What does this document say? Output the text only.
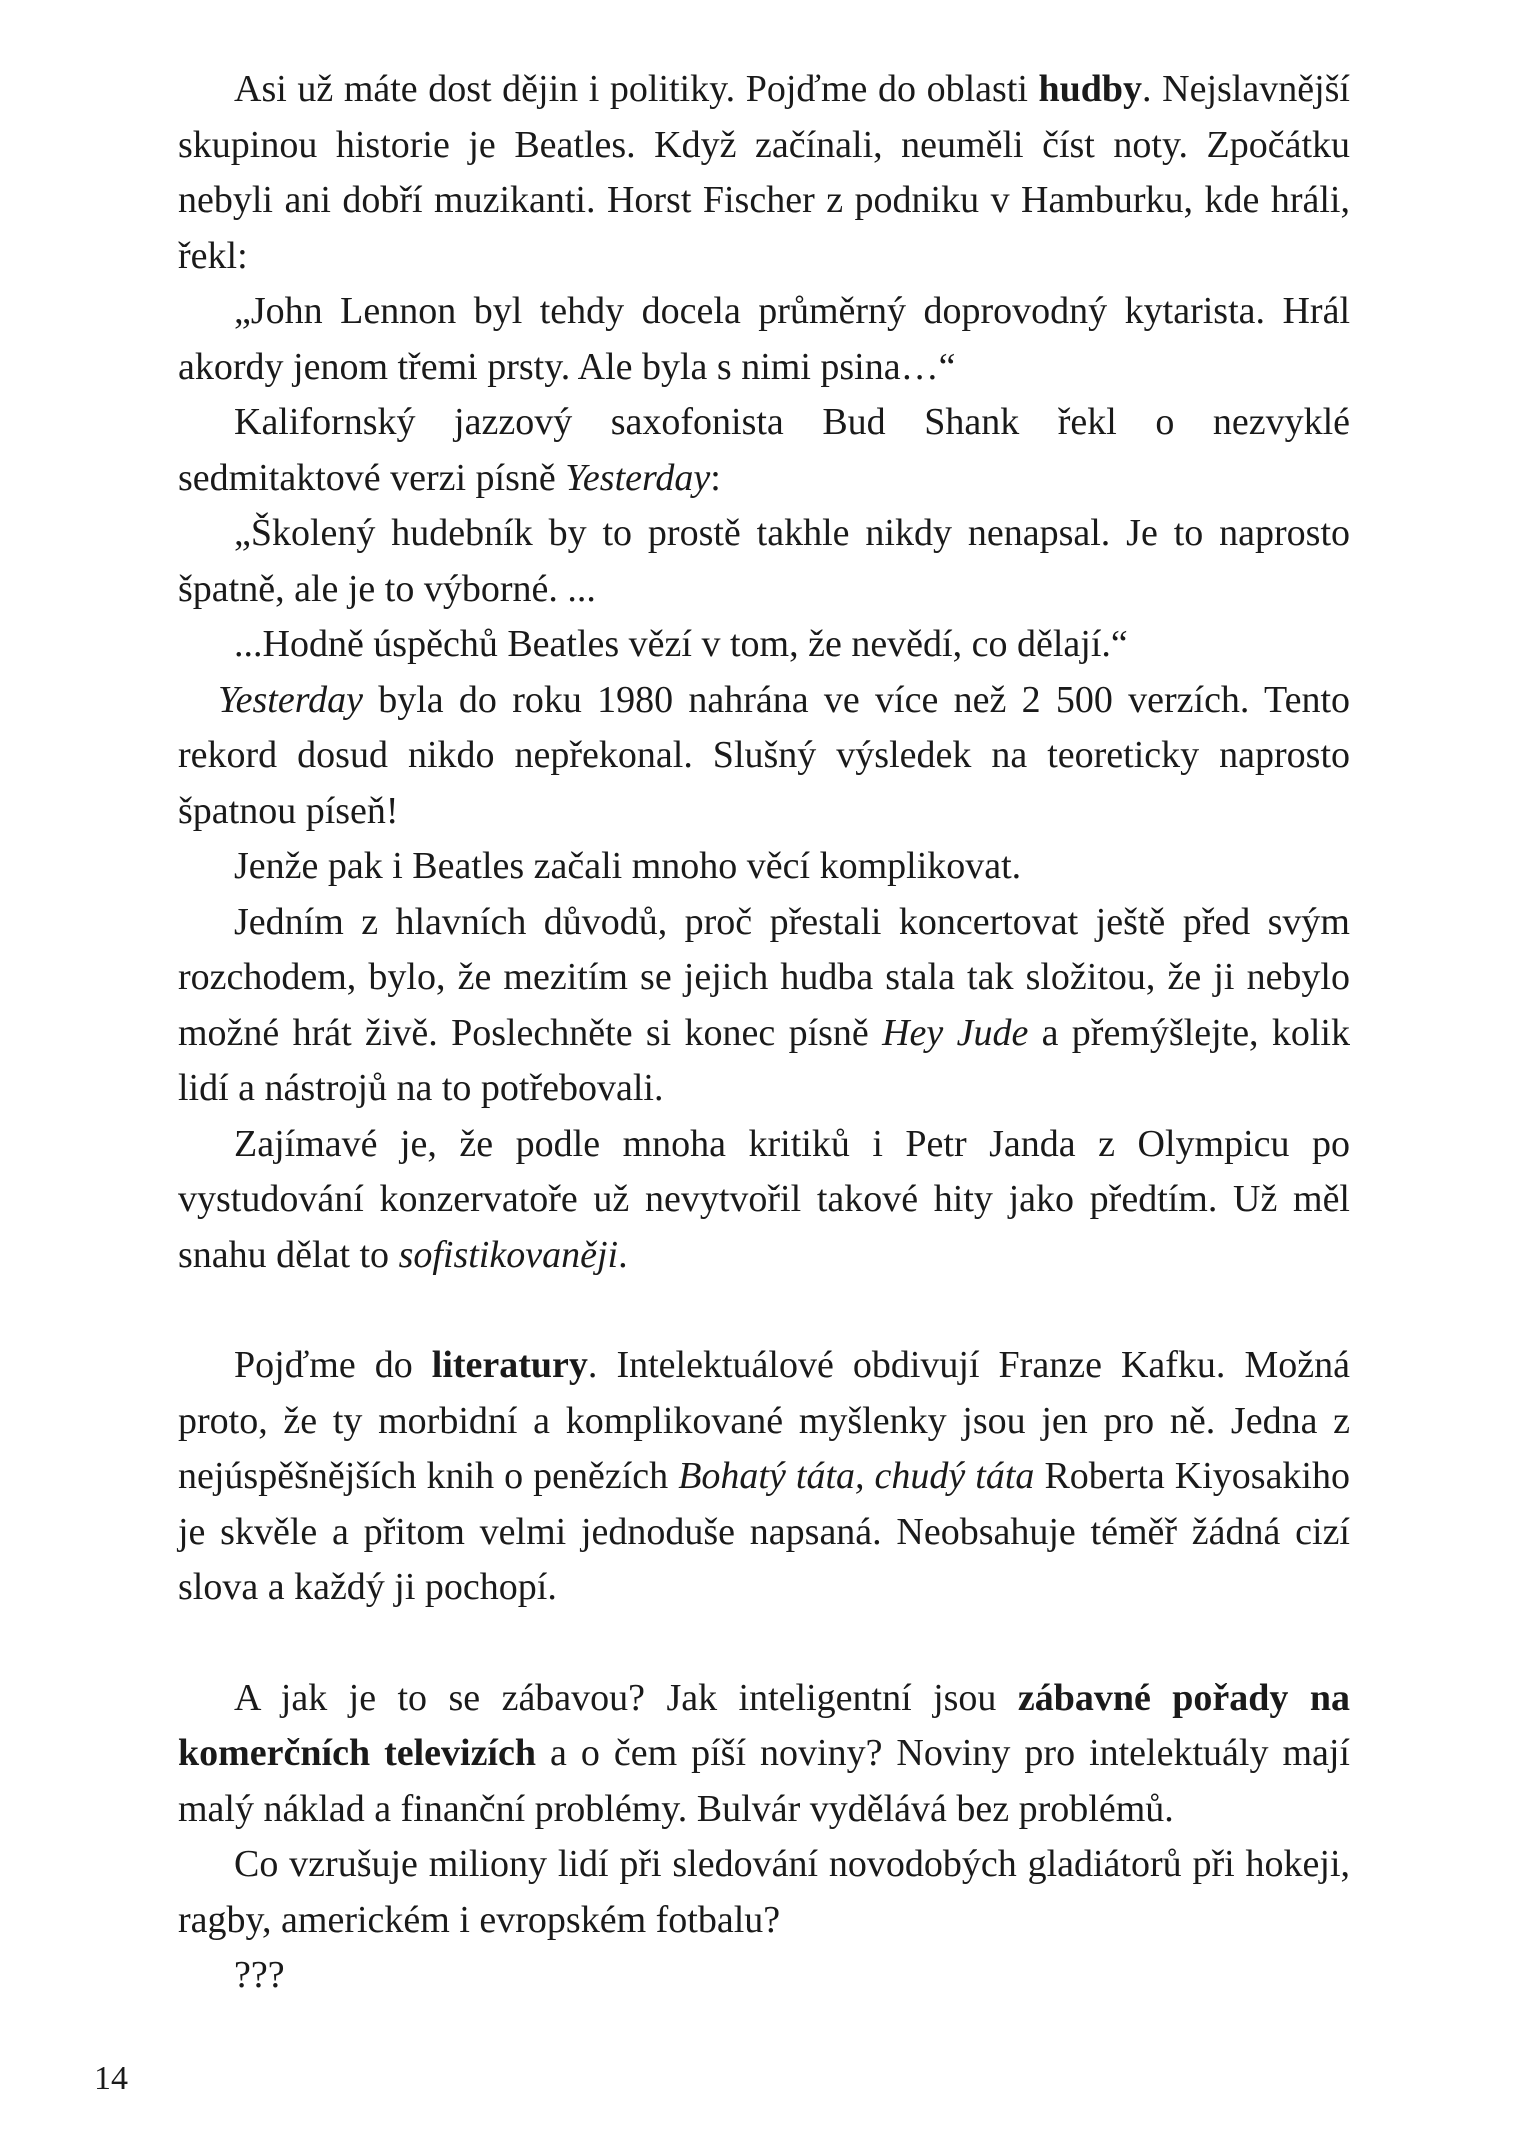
Asi už máte dost dějin i politiky. Pojďme do oblasti hudby. Nejslavnější skupinou historie je Beatles. Když začínali, neuměli číst noty. Zpočátku nebyli ani dobří muzikanti. Horst Fischer z podniku v Hamburku, kde hráli, řekl:

„John Lennon byl tehdy docela průměrný doprovodný kytarista. Hrál akordy jenom třemi prsty. Ale byla s nimi psina…“

Kalifornský jazzový saxofonista Bud Shank řekl o nezvyklé sedmitaktové verzi písně Yesterday:

„Školený hudebník by to prostě takhle nikdy nenapsal. Je to naprosto špatně, ale je to výborné. ...

...Hodně úspěchů Beatles vězí v tom, že nevědí, co dělají.“

Yesterday byla do roku 1980 nahrána ve více než 2 500 verzích. Tento rekord dosud nikdo nepřekonal. Slušný výsledek na teoreticky naprosto špatnou píseň!

Jenže pak i Beatles začali mnoho věcí komplikovat.

Jedním z hlavních důvodů, proč přestali koncertovat ještě před svým rozchodem, bylo, že mezitím se jejich hudba stala tak složitou, že ji nebylo možné hrát živě. Poslechněte si konec písně Hey Jude a přemýšlejte, kolik lidí a nástrojů na to potřebovali.

Zajímavé je, že podle mnoha kritiků i Petr Janda z Olympicu po vystudování konzervatoře už nevytvořil takové hity jako předtím. Už měl snahu dělat to sofistikovaněji.

Pojďme do literatury. Intelektuálové obdivují Franze Kafku. Možná proto, že ty morbidní a komplikované myšlenky jsou jen pro ně. Jedna z nejúspěšnějších knih o penězích Bohatý táta, chudý táta Roberta Kiyosakiho je skvěle a přitom velmi jednoduše napsaná. Neobsahuje téměř žádná cizí slova a každý ji pochopí.

A jak je to se zábavou? Jak inteligentní jsou zábavné pořady na komerčních televizích a o čem píší noviny? Noviny pro intelektuály mají malý náklad a finanční problémy. Bulvár vydělává bez problémů.

Co vzrušuje miliony lidí při sledování novodobých gladiátorů při hokeji, ragby, americkém i evropském fotbalu?

???

14
